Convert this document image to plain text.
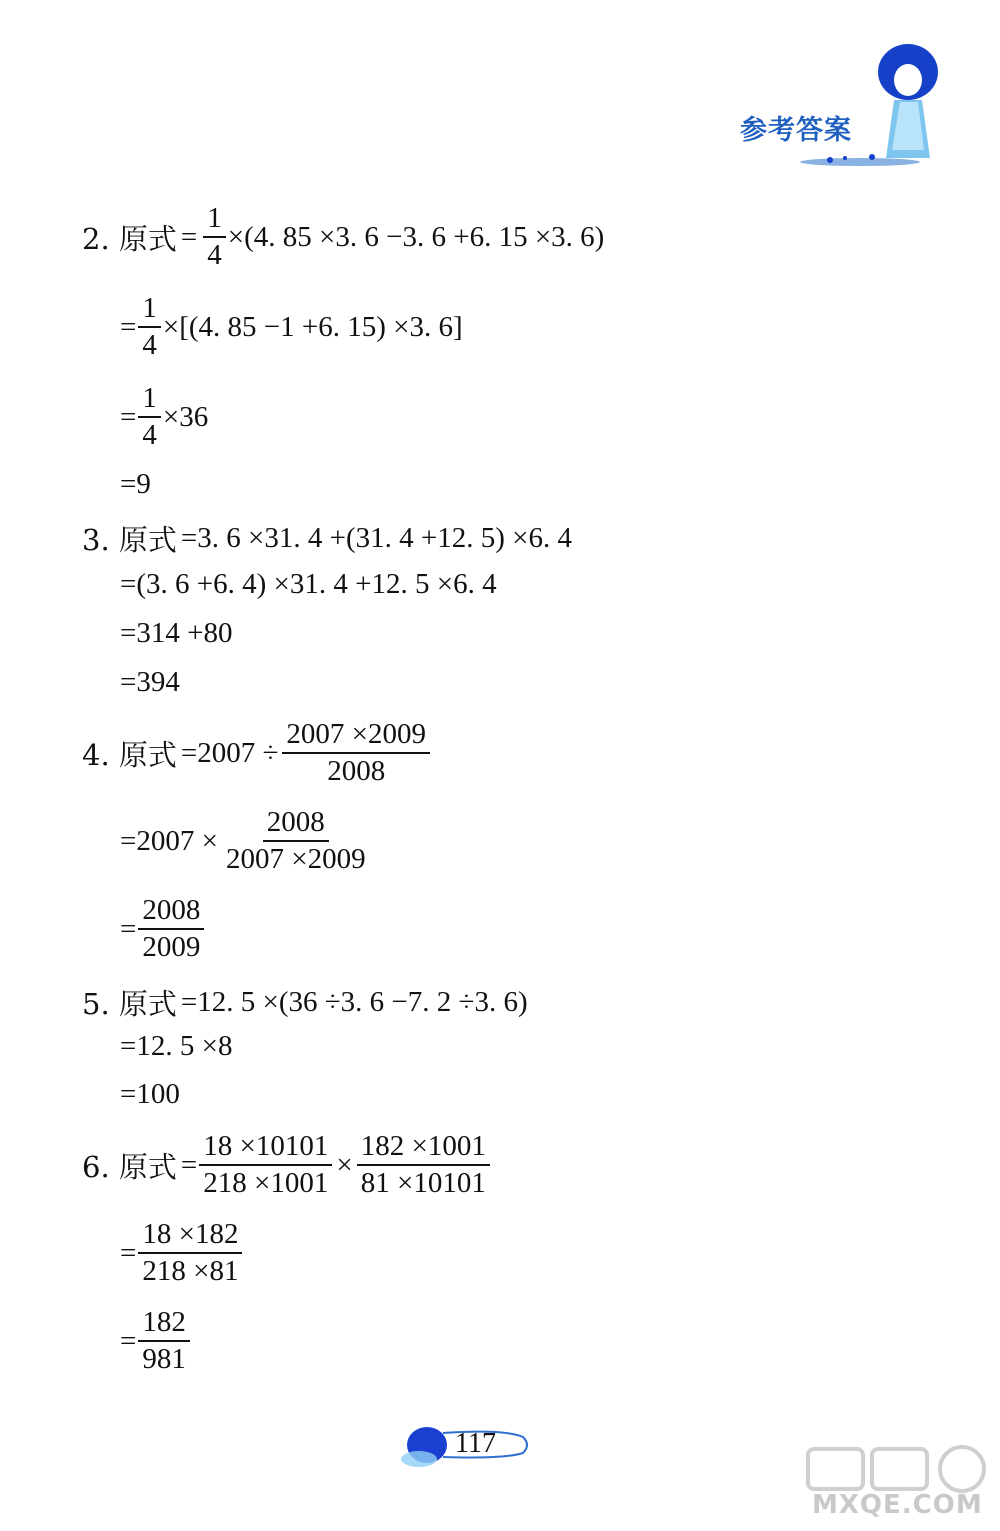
参考答案
2. 原式 = $\frac{1}{4} \times(4$. 85 ×3. 6 −3. 6 +6. 15 ×3. 6)
= $\frac{1}{4} \times[(4$. 85 −1 +6. 15) ×3. 6]
= $\frac{1}{4} \times 36$
=9
3. 原式 =3. 6 ×31. 4 +(31. 4 +12. 5) ×6. 4
=(3. 6 +6. 4) ×31. 4 +12. 5 ×6. 4
=314 +80
=394
4. 原式 $=2007 \div \frac{2007 \times 2009}{2008}$
$=2007 \times \frac{2008}{2007 \times 2009}$
= $\frac{2008}{2009}$
5. 原式 =12. 5 ×(36 ÷3. 6 −7. 2 ÷3. 6)
=12. 5 ×8
=100
6. 原式 = $\frac{18 \times 10101}{218 \times 1001} \times \frac{182 \times 1001}{81 \times 10101}$
= $\frac{18 \times 182}{218 \times 81}$
= $\frac{182}{981}$
117
MXQE.COM
